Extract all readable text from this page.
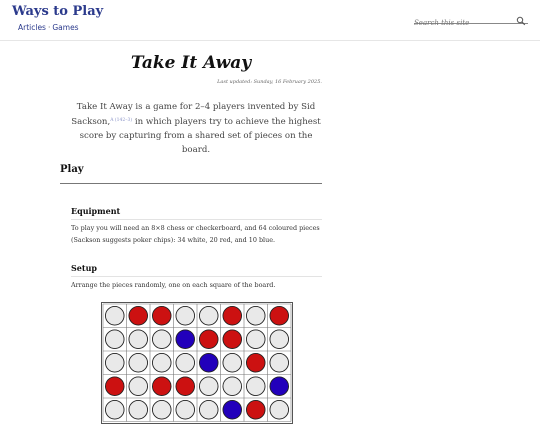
Ways to Play
Articles · Games
Search this site
Take It Away
Last updated: Sunday, 16 February 2025.

Take It Away is a game for 2–4 players invented by Sid Sackson,$^{A (142-3)}$ in which players try to achieve the highest score by capturing from a shared set of pieces on the board.

Play
Equipment

To play you will need an 8×8 chess or checkerboard, and 64 coloured pieces (Sackson suggests poker chips): 34 white, 20 red, and 10 blue.

Setup

Arrange the pieces randomly, one on each square of the board.
